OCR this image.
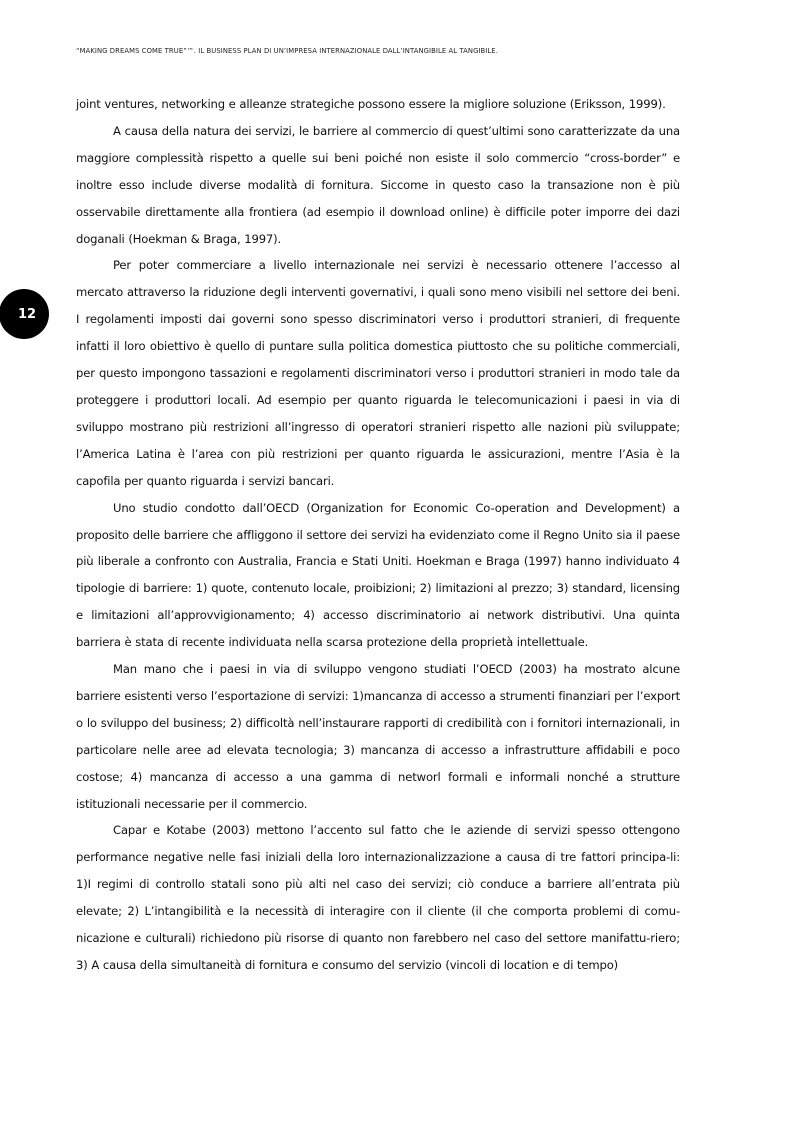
“MAKING DREAMS COME TRUE”™. IL BUSINESS PLAN DI UN’IMPRESA INTERNAZIONALE DALL’INTANGIBILE AL TANGIBILE.
12

joint ventures, networking e alleanze strategiche possono essere la migliore soluzione (Eriksson, 1999).

A causa della natura dei servizi, le barriere al commercio di quest’ultimi sono caratterizzate da una maggiore complessità rispetto a quelle sui beni poiché non esiste il solo commercio “cross-border” e inoltre esso include diverse modalità di fornitura. Siccome in questo caso la transazione non è più osservabile direttamente alla frontiera (ad esempio il download online) è difficile poter imporre dei dazi doganali (Hoekman & Braga, 1997).

Per poter commerciare a livello internazionale nei servizi è necessario ottenere l’accesso al mercato attraverso la riduzione degli interventi governativi, i quali sono meno visibili nel settore dei beni. I regolamenti imposti dai governi sono spesso discriminatori verso i produttori stranieri, di frequente infatti il loro obiettivo è quello di puntare sulla politica domestica piuttosto che su politiche commerciali, per questo impongono tassazioni e regolamenti discriminatori verso i produttori stranieri in modo tale da proteggere i produttori locali. Ad esempio per quanto riguarda le telecomunicazioni i paesi in via di sviluppo mostrano più restrizioni all’ingresso di operatori stranieri rispetto alle nazioni più sviluppate; l’America Latina è l’area con più restrizioni per quanto riguarda le assicurazioni, mentre l’Asia è la capofila per quanto riguarda i servizi bancari.

Uno studio condotto dall’OECD (Organization for Economic Co-operation and Development) a proposito delle barriere che affliggono il settore dei servizi ha evidenziato come il Regno Unito sia il paese più liberale a confronto con Australia, Francia e Stati Uniti. Hoekman e Braga (1997) hanno individuato 4 tipologie di barriere: 1) quote, contenuto locale, proibizioni; 2) limitazioni al prezzo; 3) standard, licensing e limitazioni all’approvvigionamento; 4) accesso discriminatorio ai network distributivi. Una quinta barriera è stata di recente individuata nella scarsa protezione della proprietà intellettuale.

Man mano che i paesi in via di sviluppo vengono studiati l’OECD (2003) ha mostrato alcune barriere esistenti verso l’esportazione di servizi: 1)mancanza di accesso a strumenti finanziari per l’export o lo sviluppo del business; 2) difficoltà nell’instaurare rapporti di credibilità con i fornitori internazionali, in particolare nelle aree ad elevata tecnologia; 3) mancanza di accesso a infrastrutture affidabili e poco costose; 4) mancanza di accesso a una gamma di networl formali e informali nonché a strutture istituzionali necessarie per il commercio.

Capar e Kotabe (2003) mettono l’accento sul fatto che le aziende di servizi spesso ottengono performance negative nelle fasi iniziali della loro internazionalizzazione a causa di tre fattori principa-li: 1)I regimi di controllo statali sono più alti nel caso dei servizi; ciò conduce a barriere all’entrata più elevate; 2) L’intangibilità e la necessità di interagire con il cliente (il che comporta problemi di comu-nicazione e culturali) richiedono più risorse di quanto non farebbero nel caso del settore manifattu-riero; 3) A causa della simultaneità di fornitura e consumo del servizio (vincoli di location e di tempo)
